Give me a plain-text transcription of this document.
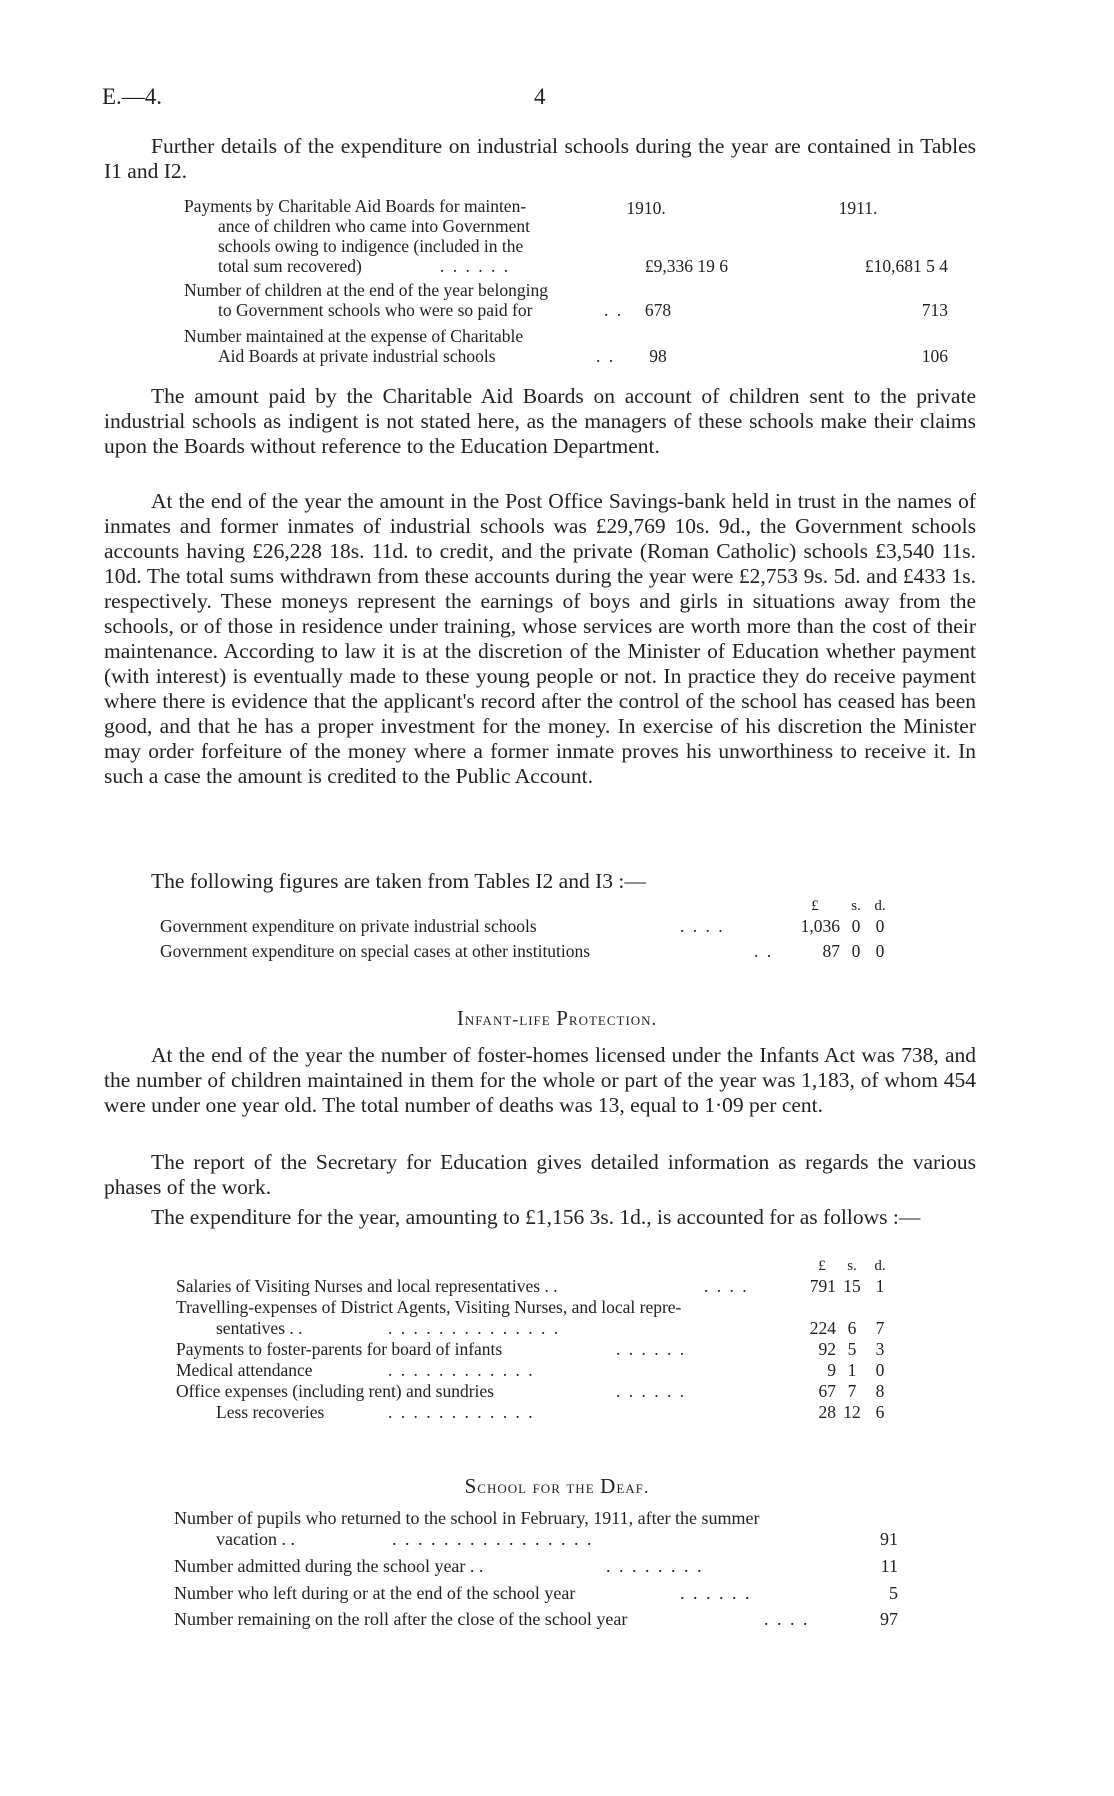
E.—4.	4

Further details of the expenditure on industrial schools during the year are contained in Tables I1 and I2.

1910.	1911.
Payments by Charitable Aid Boards for mainten-
ance of children who came into Government
schools owing to indigence (included in the
total sum recovered)	. . . . . .	£9,336 19 6	£10,681 5 4
Number of children at the end of the year belonging
to Government schools who were so paid for	. .	678	713
Number maintained at the expense of Charitable
Aid Boards at private industrial schools	. .	98	106

The amount paid by the Charitable Aid Boards on account of children sent to the private industrial schools as indigent is not stated here, as the managers of these schools make their claims upon the Boards without reference to the Education Department.

At the end of the year the amount in the Post Office Savings-bank held in trust in the names of inmates and former inmates of industrial schools was £29,769 10s. 9d., the Government schools accounts having £26,228 18s. 11d. to credit, and the private (Roman Catholic) schools £3,540 11s. 10d. The total sums withdrawn from these accounts during the year were £2,753 9s. 5d. and £433 1s. respectively. These moneys represent the earnings of boys and girls in situations away from the schools, or of those in residence under training, whose services are worth more than the cost of their maintenance. According to law it is at the discretion of the Minister of Education whether payment (with interest) is eventually made to these young people or not. In practice they do receive payment where there is evidence that the applicant's record after the control of the school has ceased has been good, and that he has a proper investment for the money. In exercise of his discretion the Minister may order forfeiture of the money where a former inmate proves his unworthiness to receive it. In such a case the amount is credited to the Public Account.

The following figures are taken from Tables I2 and I3 :—

£	s. d.
Government expenditure on private industrial schools	. . . .	1,036 0 0
Government expenditure on special cases at other institutions	. .	87 0 0
Infant-life Protection.

At the end of the year the number of foster-homes licensed under the Infants Act was 738, and the number of children maintained in them for the whole or part of the year was 1,183, of whom 454 were under one year old. The total number of deaths was 13, equal to 1·09 per cent.

The report of the Secretary for Education gives detailed information as regards the various phases of the work.

The expenditure for the year, amounting to £1,156 3s. 1d., is accounted for as follows :—

£	s.	d.
Salaries of Visiting Nurses and local representatives . .	. . . .	791 15 1
Travelling-expenses of District Agents, Visiting Nurses, and local repre-
sentatives . .	. . . . . . . . . . . . . .	224 6	7
Payments to foster-parents for board of infants	. . . . . .	92 5	3
Medical attendance	. . . . . . . . . . . .	9 1	0
Office expenses (including rent) and sundries	. . . . . .	67 7	8
Less recoveries	. . . . . . . . . . . .	28 12 6
School for the Deaf.
Number of pupils who returned to the school in February, 1911, after the summer
vacation . .	. . . . . . . . . . . . . . . .	91
Number admitted during the school year . .	. . . . . . . .	11
Number who left during or at the end of the school year	. . . . . .	5
Number remaining on the roll after the close of the school year	. . . .	97
